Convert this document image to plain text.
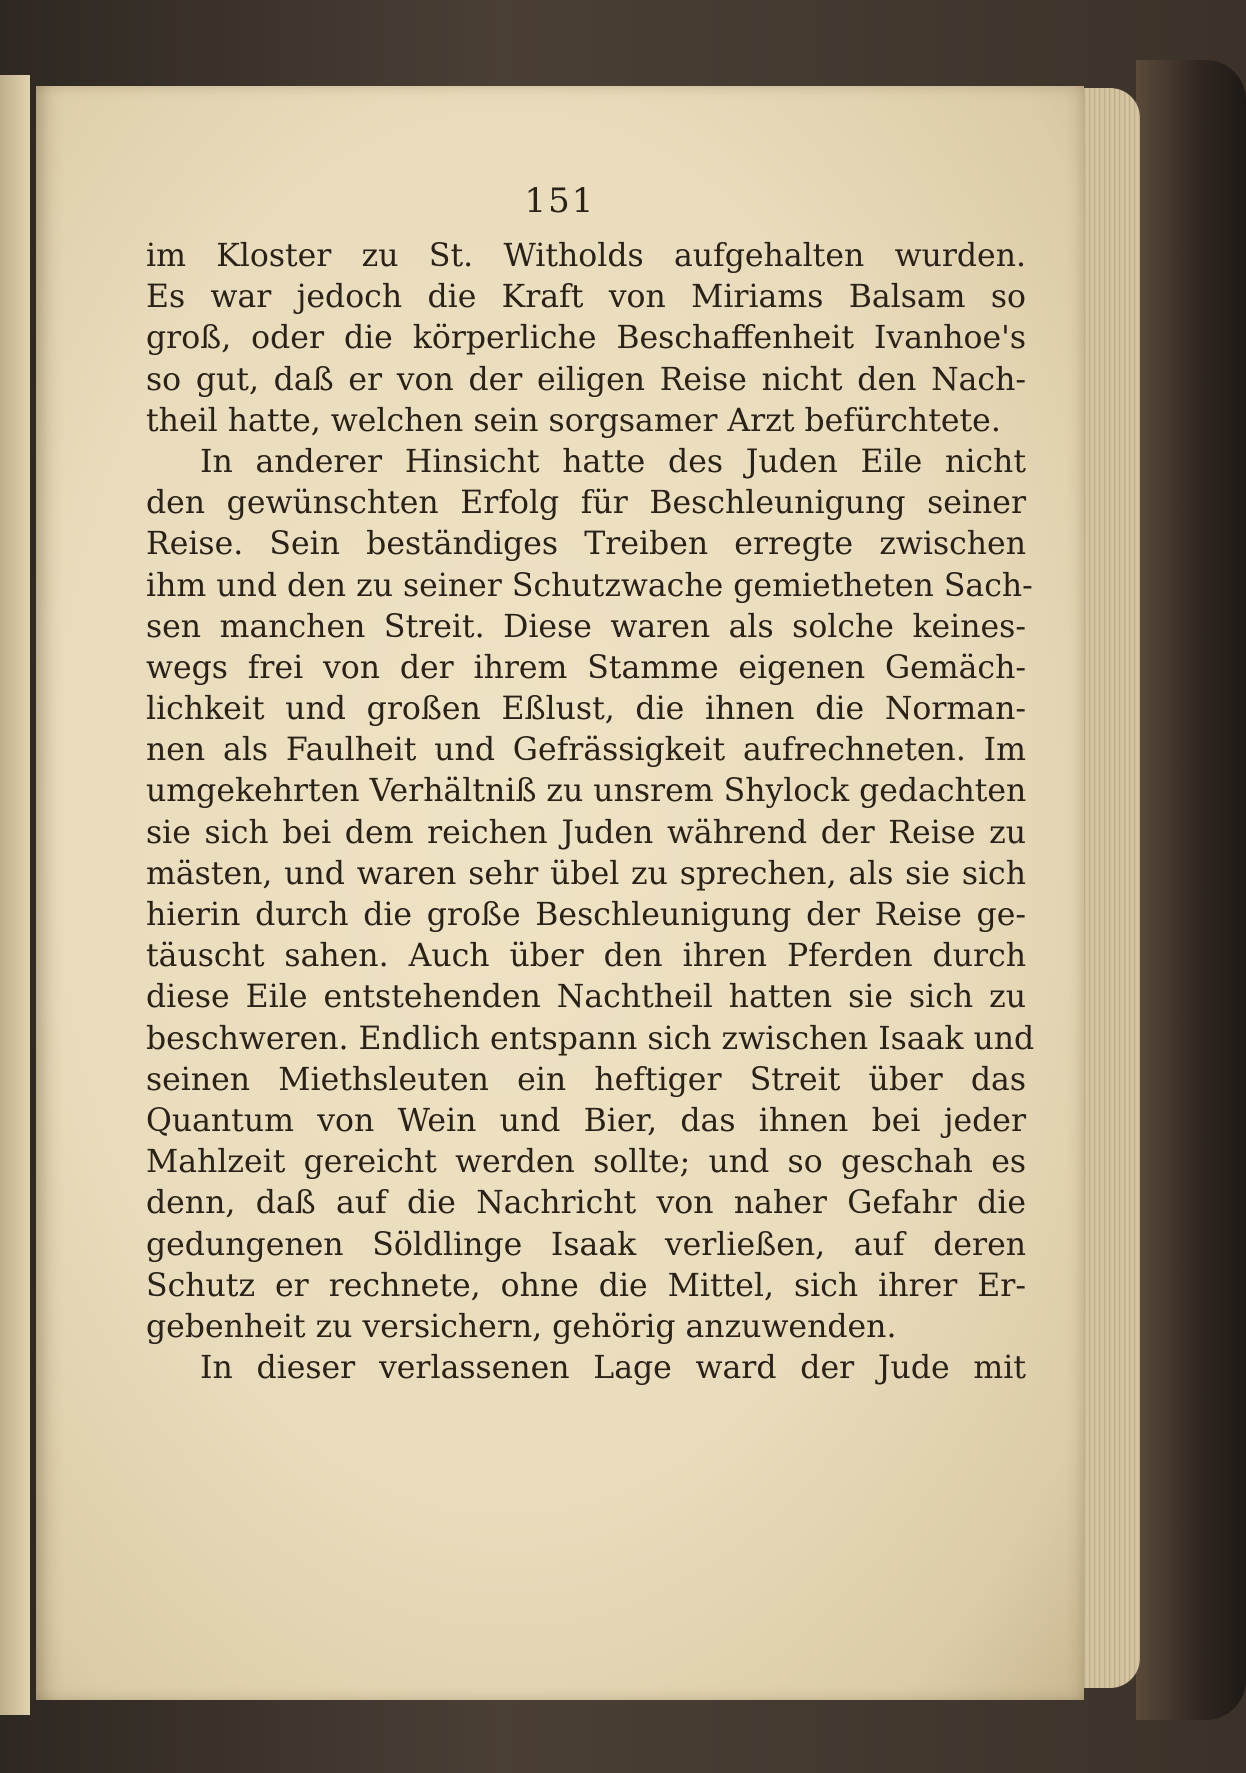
151
im Kloster zu St. Witholds aufgehalten wurden.
Es war jedoch die Kraft von Miriams Balsam so
groß, oder die körperliche Beschaffenheit Ivanhoe's
so gut, daß er von der eiligen Reise nicht den Nach-
theil hatte, welchen sein sorgsamer Arzt befürchtete.
In anderer Hinsicht hatte des Juden Eile nicht
den gewünschten Erfolg für Beschleunigung seiner
Reise. Sein beständiges Treiben erregte zwischen
ihm und den zu seiner Schutzwache gemietheten Sach-
sen manchen Streit. Diese waren als solche keines-
wegs frei von der ihrem Stamme eigenen Gemäch-
lichkeit und großen Eßlust, die ihnen die Norman-
nen als Faulheit und Gefrässigkeit aufrechneten. Im
umgekehrten Verhältniß zu unsrem Shylock gedachten
sie sich bei dem reichen Juden während der Reise zu
mästen, und waren sehr übel zu sprechen, als sie sich
hierin durch die große Beschleunigung der Reise ge-
täuscht sahen. Auch über den ihren Pferden durch
diese Eile entstehenden Nachtheil hatten sie sich zu
beschweren. Endlich entspann sich zwischen Isaak und
seinen Miethsleuten ein heftiger Streit über das
Quantum von Wein und Bier, das ihnen bei jeder
Mahlzeit gereicht werden sollte; und so geschah es
denn, daß auf die Nachricht von naher Gefahr die
gedungenen Söldlinge Isaak verließen, auf deren
Schutz er rechnete, ohne die Mittel, sich ihrer Er-
gebenheit zu versichern, gehörig anzuwenden.
In dieser verlassenen Lage ward der Jude mit
